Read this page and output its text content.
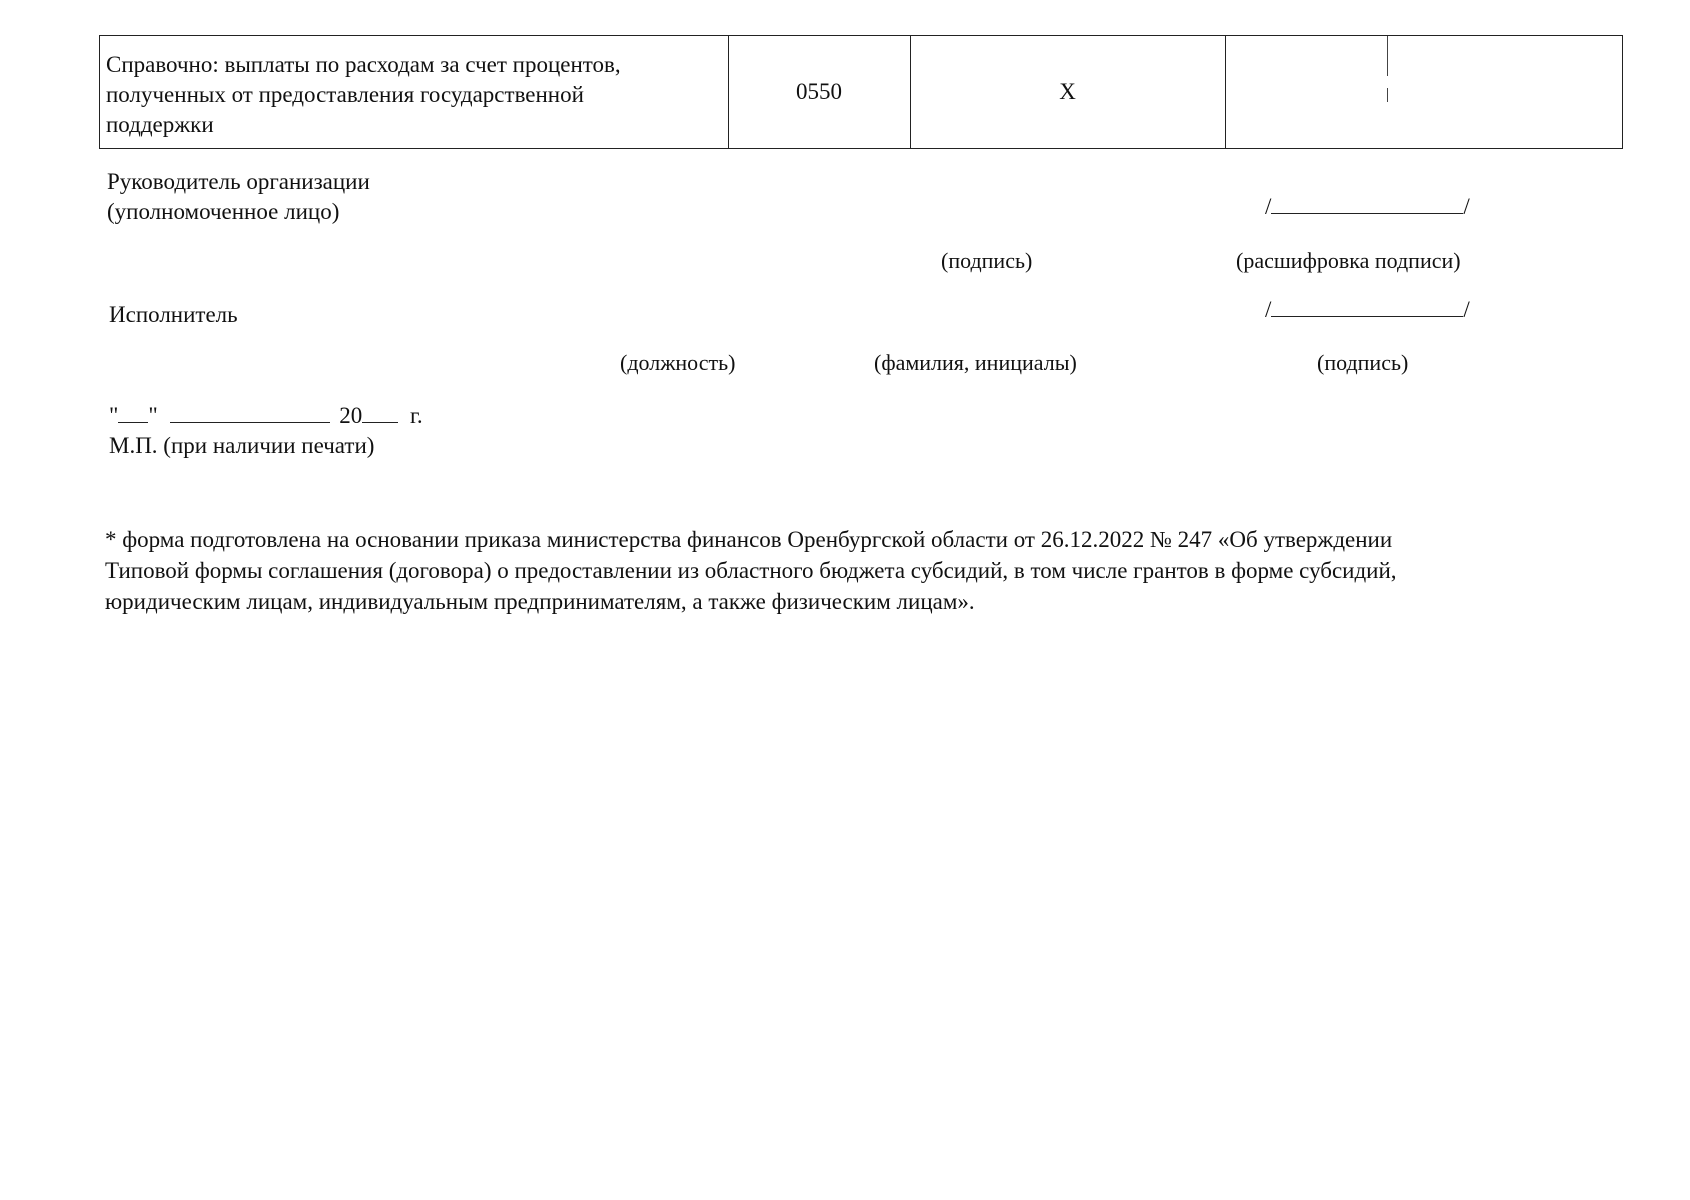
Справочно: выплаты по расходам за счет процентов,
полученных от предоставления государственной
поддержки
0550	X
Руководитель организации
(уполномоченное лицо)	/	/
(подпись)	(расшифровка подписи)
Исполнитель	/	/
(должность)	(фамилия, инициалы)	(подпись)
" "	20 г.
М.П. (при наличии печати)
* форма подготовлена на основании приказа министерства финансов Оренбургской области от 26.12.2022 № 247 «Об утверждении
Типовой формы соглашения (договора) о предоставлении из областного бюджета субсидий, в том числе грантов в форме субсидий,
юридическим лицам, индивидуальным предпринимателям, а также физическим лицам».
